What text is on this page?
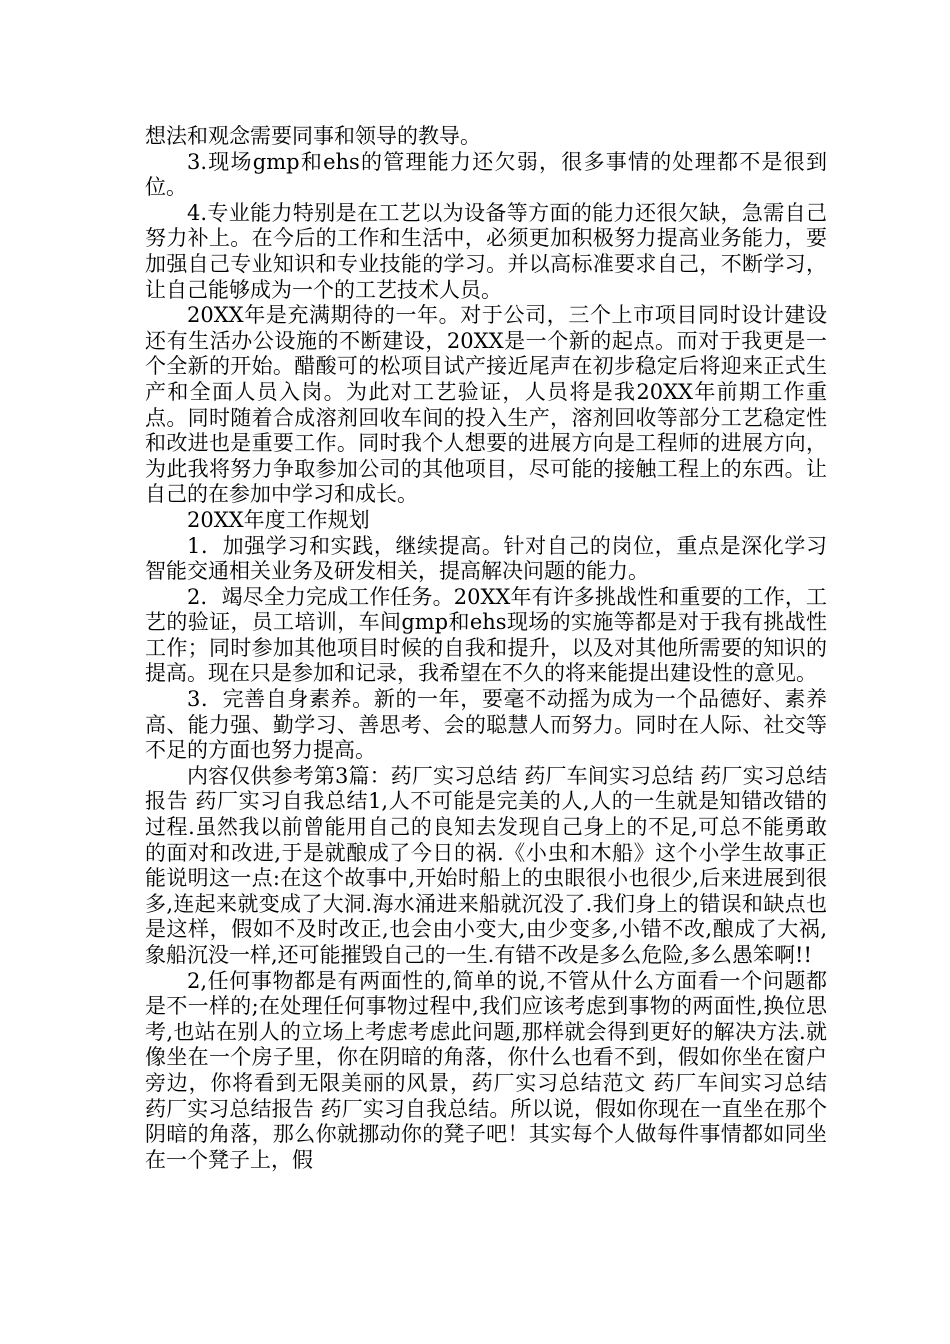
想法和观念需要同事和领导的教导。

3.现场gmp和ehs的管理能力还欠弱，很多事情的处理都不是很到位。

4.专业能力特别是在工艺以为设备等方面的能力还很欠缺，急需自己努力补上。在今后的工作和生活中，必须更加积极努力提高业务能力，要加强自己专业知识和专业技能的学习。并以高标准要求自己，不断学习，让自己能够成为一个的工艺技术人员。

20XX年是充满期待的一年。对于公司，三个上市项目同时设计建设还有生活办公设施的不断建设，20XX是一个新的起点。而对于我更是一个全新的开始。醋酸可的松项目试产接近尾声在初步稳定后将迎来正式生产和全面人员入岗。为此对工艺验证，人员将是我20XX年前期工作重点。同时随着合成溶剂回收车间的投入生产，溶剂回收等部分工艺稳定性和改进也是重要工作。同时我个人想要的进展方向是工程师的进展方向，为此我将努力争取参加公司的其他项目，尽可能的接触工程上的东西。让自己的在参加中学习和成长。

20XX年度工作规划

1．加强学习和实践，继续提高。针对自己的岗位，重点是深化学习智能交通相关业务及研发相关，提高解决问题的能力。

2．竭尽全力完成工作任务。20XX年有许多挑战性和重要的工作，工艺的验证，员工培训，车间gmp和ehs现场的实施等都是对于我有挑战性工作；同时参加其他项目时候的自我和提升，以及对其他所需要的知识的提高。现在只是参加和记录，我希望在不久的将来能提出建设性的意见。

3．完善自身素养。新的一年，要毫不动摇为成为一个品德好、素养高、能力强、勤学习、善思考、会的聪慧人而努力。同时在人际、社交等不足的方面也努力提高。

内容仅供参考第3篇：药厂实习总结 药厂车间实习总结 药厂实习总结报告 药厂实习自我总结1,人不可能是完美的人,人的一生就是知错改错的过程.虽然我以前曾能用自己的良知去发现自己身上的不足,可总不能勇敢的面对和改进,于是就酿成了今日的祸.《小虫和木船》这个小学生故事正能说明这一点:在这个故事中,开始时船上的虫眼很小也很少,后来进展到很多,连起来就变成了大洞.海水涌进来船就沉没了.我们身上的错误和缺点也是这样，假如不及时改正,也会由小变大,由少变多,小错不改,酿成了大祸,象船沉没一样,还可能摧毁自己的一生.有错不改是多么危险,多么愚笨啊!!

2,任何事物都是有两面性的,简单的说,不管从什么方面看一个问题都是不一样的;在处理任何事物过程中,我们应该考虑到事物的两面性,换位思考,也站在别人的立场上考虑考虑此问题,那样就会得到更好的解决方法.就像坐在一个房子里，你在阴暗的角落，你什么也看不到，假如你坐在窗户旁边，你将看到无限美丽的风景，药厂实习总结范文 药厂车间实习总结 药厂实习总结报告 药厂实习自我总结。所以说，假如你现在一直坐在那个阴暗的角落，那么你就挪动你的凳子吧！其实每个人做每件事情都如同坐在一个凳子上，假
